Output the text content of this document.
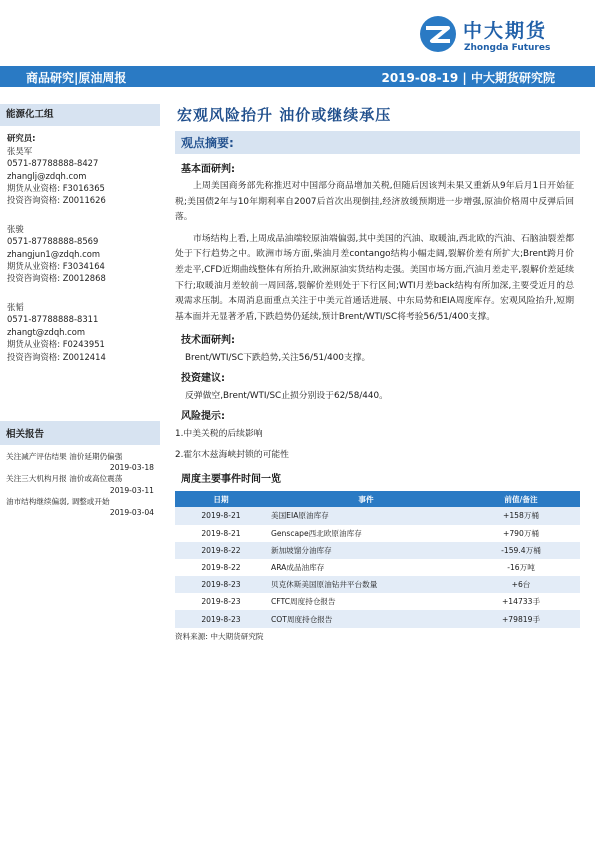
中大期货
Zhongda Futures
商品研究|原油周报	2019-08-19 | 中大期货研究院
能源化工组
研究员:
张昊军
0571-87788888-8427
zhanglj@zdqh.com
期货从业资格: F3016365
投资咨询资格: Z0011626
张骏
0571-87788888-8569
zhangjun1@zdqh.com
期货从业资格: F3034164
投资咨询资格: Z0012868
张韬
0571-87788888-8311
zhangt@zdqh.com
期货从业资格: F0243951
投资咨询资格: Z0012414
相关报告
关注减产评估结果 油价延期仍偏强
2019-03-18
关注三大机构月报 油价或高位震荡
2019-03-11
油市结构继续偏弱, 调整或开始
2019-03-04
宏观风险抬升 油价或继续承压
观点摘要:
基本面研判:

上周美国商务部先称推迟对中国部分商品增加关税,但随后因该判未果又重新从9年后月1日开始征税;美国债2年与10年期利率自2007后首次出现倒挂,经济放缓预期进一步增强,原油价格周中反弹后回落。

市场结构上看,上周成品油端较原油端偏弱,其中美国的汽油、取暖油,西北欧的汽油、石脑油裂差都处于下行趋势之中。欧洲市场方面,柴油月差contango结构小幅走阔,裂解价差有所扩大;Brent跨月价差走平,CFD近期曲线整体有所抬升,欧洲原油实货结构走强。美国市场方面,汽油月差走平,裂解价差延续下行;取暖油月差较前一周回落,裂解价差则处于下行区间;WTI月差back结构有所加深,主要受近月的总观需求压制。本周消息面重点关注于中美元首通话进展、中东局势和EIA周度库存。宏观风险抬升,短期基本面并无显著矛盾,下跌趋势仍延续,预计Brent/WTI/SC将考验56/51/400支撑。

技术面研判:

Brent/WTI/SC下跌趋势,关注56/51/400支撑。

投资建议:

反弹做空,Brent/WTI/SC止损分别设于62/58/440。

风险提示:

1.中美关税的后续影响

2.霍尔木兹海峡封锁的可能性

周度主要事件时间一览
日期	事件	前值/备注
2019-8-21	美国EIA原油库存	+158万桶
2019-8-21	Genscape西北欧原油库存	+790万桶
2019-8-22	新加坡馏分油库存	-159.4万桶
2019-8-22	ARA成品油库存	-16万吨
2019-8-23	贝克休斯美国原油钻井平台数量	+6台
2019-8-23	CFTC周度持仓报告	+14733手
2019-8-23	COT周度持仓报告	+79819手
资料来源: 中大期货研究院
